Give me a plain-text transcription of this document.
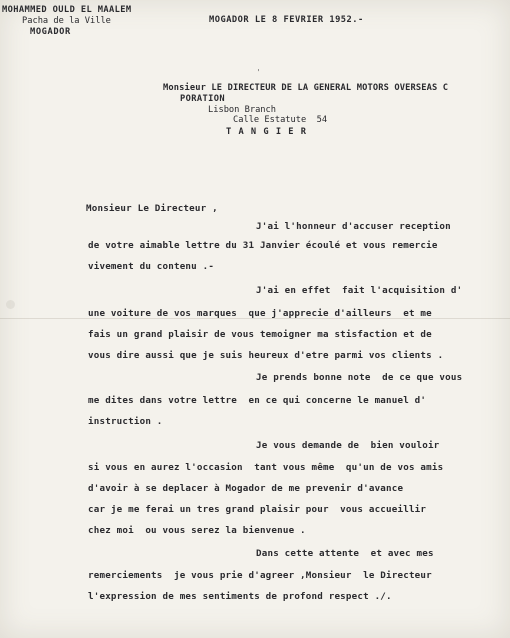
MOHAMMED OULD EL MAALEM

Pacha de la Ville

MOGADOR

MOGADOR LE 8 FEVRIER 1952.-

Monsieur LE DIRECTEUR DE LA GENERAL MOTORS OVERSEAS C

PORATION

Lisbon Branch

Calle Estatute  54

T A N G I E R

'

Monsieur Le Directeur ,

J'ai l'honneur d'accuser reception

de votre aimable lettre du 31 Janvier écoulé et vous remercie

vivement du contenu .-

J'ai en effet  fait l'acquisition d'

une voiture de vos marques  que j'apprecie d'ailleurs  et me

fais un grand plaisir de vous temoigner ma stisfaction et de

vous dire aussi que je suis heureux d'etre parmi vos clients .

Je prends bonne note  de ce que vous

me dites dans votre lettre  en ce qui concerne le manuel d'

instruction .

Je vous demande de  bien vouloir

si vous en aurez l'occasion  tant vous même  qu'un de vos amis

d'avoir à se deplacer à Mogador de me prevenir d'avance

car je me ferai un tres grand plaisir pour  vous accueillir

chez moi  ou vous serez la bienvenue .

Dans cette attente  et avec mes

remerciements  je vous prie d'agreer ,Monsieur  le Directeur

l'expression de mes sentiments de profond respect ./.
